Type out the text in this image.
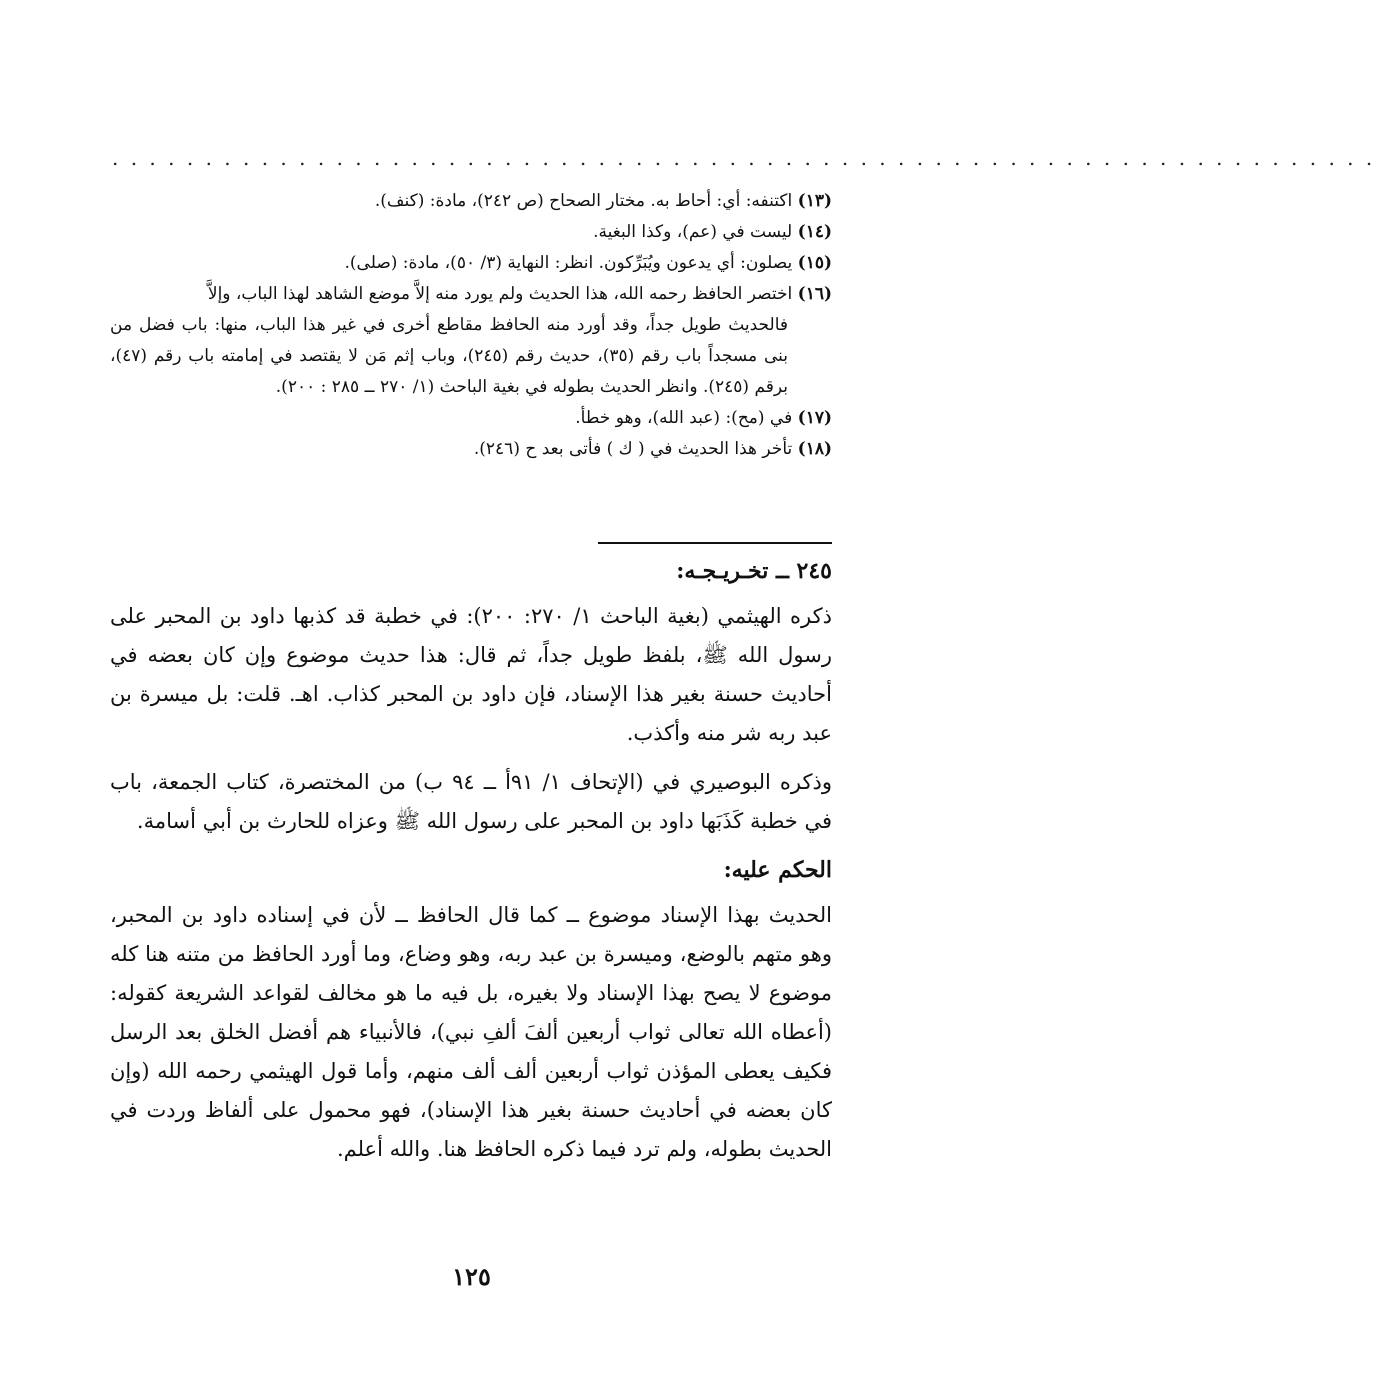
. . . . . . . . . . . . . . . . . . . . . . . . . . . . . . . . . . . . . . . . . . . . . . . . . . . . . . . . . . . . . . . . . . . .

(١٣) اكتنفه: أي: أحاط به. مختار الصحاح (ص ٢٤٢)، مادة: (كنف).

(١٤) ليست في (عم)، وكذا البغية.

(١٥) يصلون: أي يدعون ويُبَرِّكون. انظر: النهاية (٣/ ٥٠)، مادة: (صلى).

(١٦) اختصر الحافظ رحمه الله، هذا الحديث ولم يورد منه إلاَّ موضع الشاهد لهذا الباب، وإلاَّ
فالحديث طويل جداً، وقد أورد منه الحافظ مقاطع أخرى في غير هذا الباب، منها: باب فضل من بنى مسجداً باب رقم (٣٥)، حديث رقم (٢٤٥)، وباب إثم مَن لا يقتصد في إمامته باب رقم (٤٧)، برقم (٢٤٥). وانظر الحديث بطوله في بغية الباحث (١/ ٢٧٠ ــ ٢٨٥ : ٢٠٠).

(١٧) في (مح): (عبد الله)، وهو خطأ.

(١٨) تأخر هذا الحديث في ( ك ) فأتى بعد ح (٢٤٦).

٢٤٥ ــ تخـريـجـه:

ذكره الهيثمي (بغية الباحث ١/ ٢٧٠: ٢٠٠): في خطبة قد كذبها داود بن المحبر على رسول الله ﷺ، بلفظ طويل جداً، ثم قال: هذا حديث موضوع وإن كان بعضه في أحاديث حسنة بغير هذا الإسناد، فإن داود بن المحبر كذاب. اهـ. قلت: بل ميسرة بن عبد ربه شر منه وأكذب.

وذكره البوصيري في (الإتحاف ١/ ٩١أ ــ ٩٤ ب) من المختصرة، كتاب الجمعة، باب في خطبة كَذَبَها داود بن المحبر على رسول الله ﷺ وعزاه للحارث بن أبي أسامة.

الحكم عليه:

الحديث بهذا الإسناد موضوع ــ كما قال الحافظ ــ لأن في إسناده داود بن المحبر، وهو متهم بالوضع، وميسرة بن عبد ربه، وهو وضاع، وما أورد الحافظ من متنه هنا كله موضوع لا يصح بهذا الإسناد ولا بغيره، بل فيه ما هو مخالف لقواعد الشريعة كقوله: (أعطاه الله تعالى ثواب أربعين ألفَ ألفِ نبي)، فالأنبياء هم أفضل الخلق بعد الرسل فكيف يعطى المؤذن ثواب أربعين ألف ألف منهم، وأما قول الهيثمي رحمه الله (وإن كان بعضه في أحاديث حسنة بغير هذا الإسناد)، فهو محمول على ألفاظ وردت في الحديث بطوله، ولم ترد فيما ذكره الحافظ هنا. والله أعلم.

١٢٥
